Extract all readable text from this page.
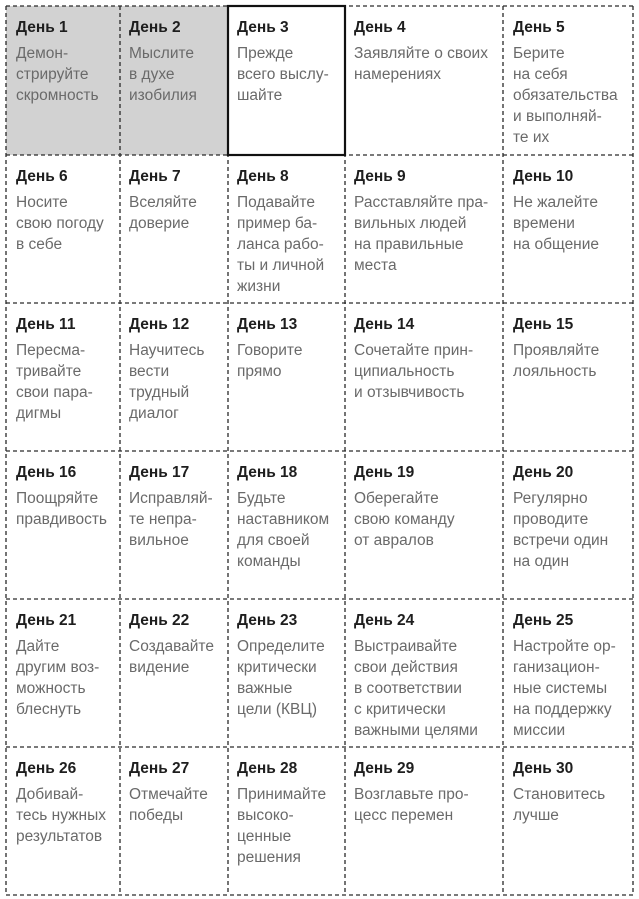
День 1
Демон-
стрируйте
скромность
День 2
Мыслите
в духе
изобилия
День 3
Прежде
всего выслу-
шайте
День 4
Заявляйте о своих
намерениях
День 5
Берите
на себя
обязательства
и выполняй-
те их
День 6
Носите
свою погоду
в себе
День 7
Вселяйте
доверие
День 8
Подавайте
пример ба-
ланса рабо-
ты и личной
жизни
День 9
Расставляйте пра-
вильных людей
на правильные
места
День 10
Не жалейте
времени
на общение
День 11
Пересма-
тривайте
свои пара-
дигмы
День 12
Научитесь
вести
трудный
диалог
День 13
Говорите
прямо
День 14
Сочетайте прин-
ципиальность
и отзывчивость
День 15
Проявляйте
лояльность
День 16
Поощряйте
правдивость
День 17
Исправляй-
те непра-
вильное
День 18
Будьте
наставником
для своей
команды
День 19
Оберегайте
свою команду
от авралов
День 20
Регулярно
проводите
встречи один
на один
День 21
Дайте
другим воз-
можность
блеснуть
День 22
Создавайте
видение
День 23
Определите
критически
важные
цели (КВЦ)
День 24
Выстраивайте
свои действия
в соответствии
с критически
важными целями
День 25
Настройте ор-
ганизацион-
ные системы
на поддержку
миссии
День 26
Добивай-
тесь нужных
результатов
День 27
Отмечайте
победы
День 28
Принимайте
высоко-
ценные
решения
День 29
Возглавьте про-
цесс перемен
День 30
Становитесь
лучше
